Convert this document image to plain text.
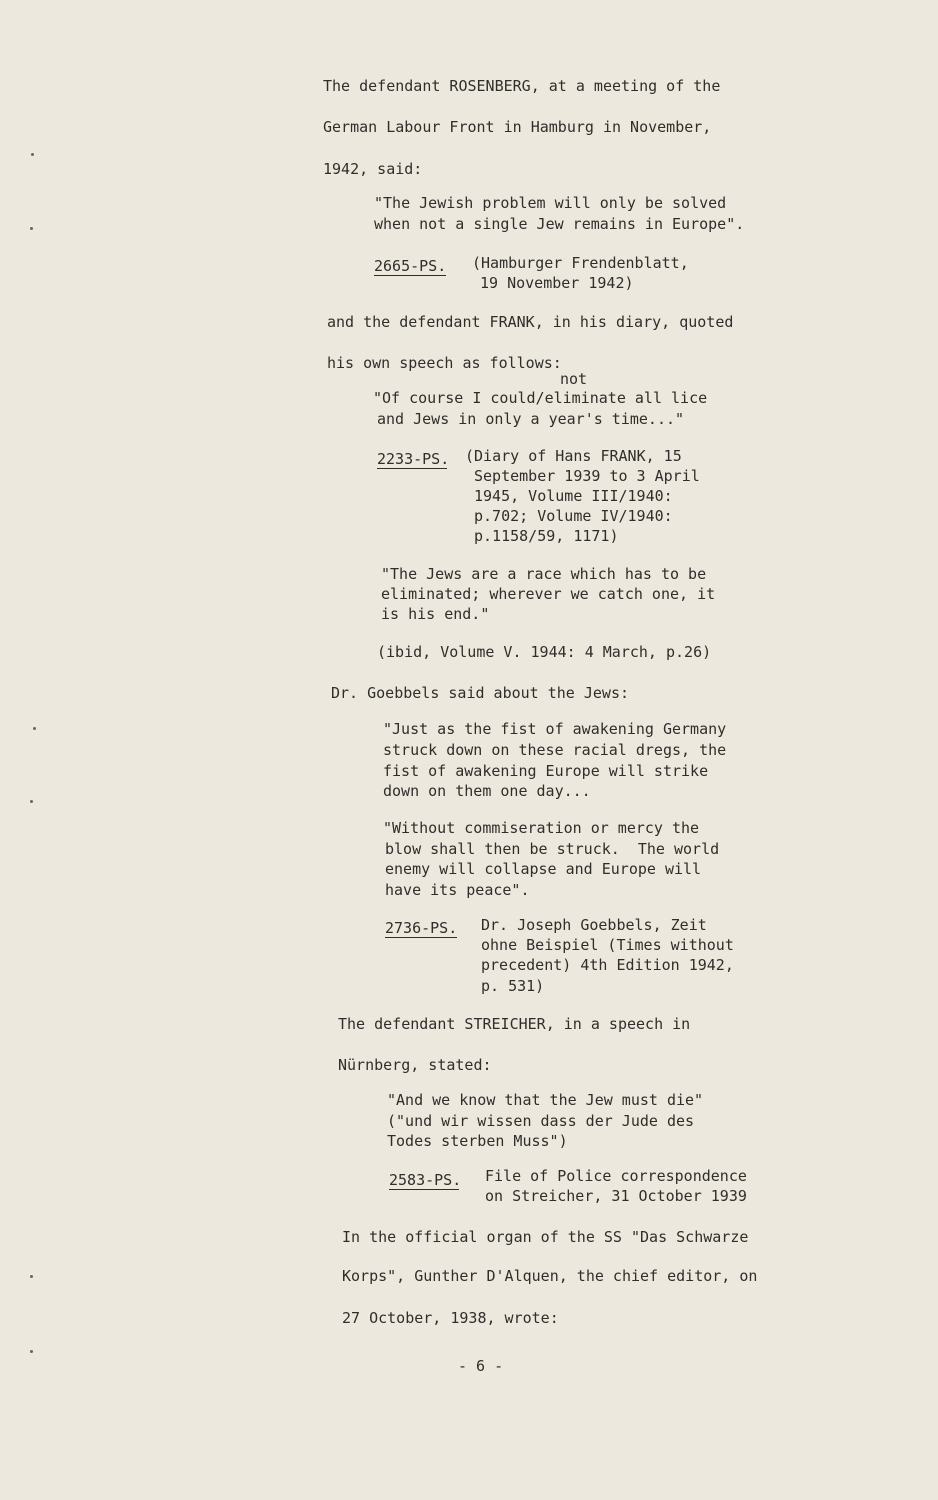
The defendant ROSENBERG, at a meeting of the
German Labour Front in Hamburg in November,
1942, said:
"The Jewish problem will only be solved
when not a single Jew remains in Europe".
2665-PS. (Hamburger Frendenblatt,
19 November 1942)
and the defendant FRANK, in his diary, quoted
his own speech as follows:
not
"Of course I could/eliminate all lice
and Jews in only a year's time..."
2233-PS. (Diary of Hans FRANK, 15
September 1939 to 3 April
1945, Volume III/1940:
p.702; Volume IV/1940:
p.1158/59, 1171)
"The Jews are a race which has to be
eliminated; wherever we catch one, it
is his end."
(ibid, Volume V. 1944: 4 March, p.26)
Dr. Goebbels said about the Jews:
"Just as the fist of awakening Germany
struck down on these racial dregs, the
fist of awakening Europe will strike
down on them one day...
"Without commiseration or mercy the
blow shall then be struck.  The world
enemy will collapse and Europe will
have its peace".
2736-PS. Dr. Joseph Goebbels, Zeit
ohne Beispiel (Times without
precedent) 4th Edition 1942,
p. 531)
The defendant STREICHER, in a speech in
Nürnberg, stated:
"And we know that the Jew must die"
("und wir wissen dass der Jude des
Todes sterben Muss")
2583-PS. File of Police correspondence
on Streicher, 31 October 1939
In the official organ of the SS "Das Schwarze
Korps", Gunther D'Alquen, the chief editor, on
27 October, 1938, wrote:
- 6 -
